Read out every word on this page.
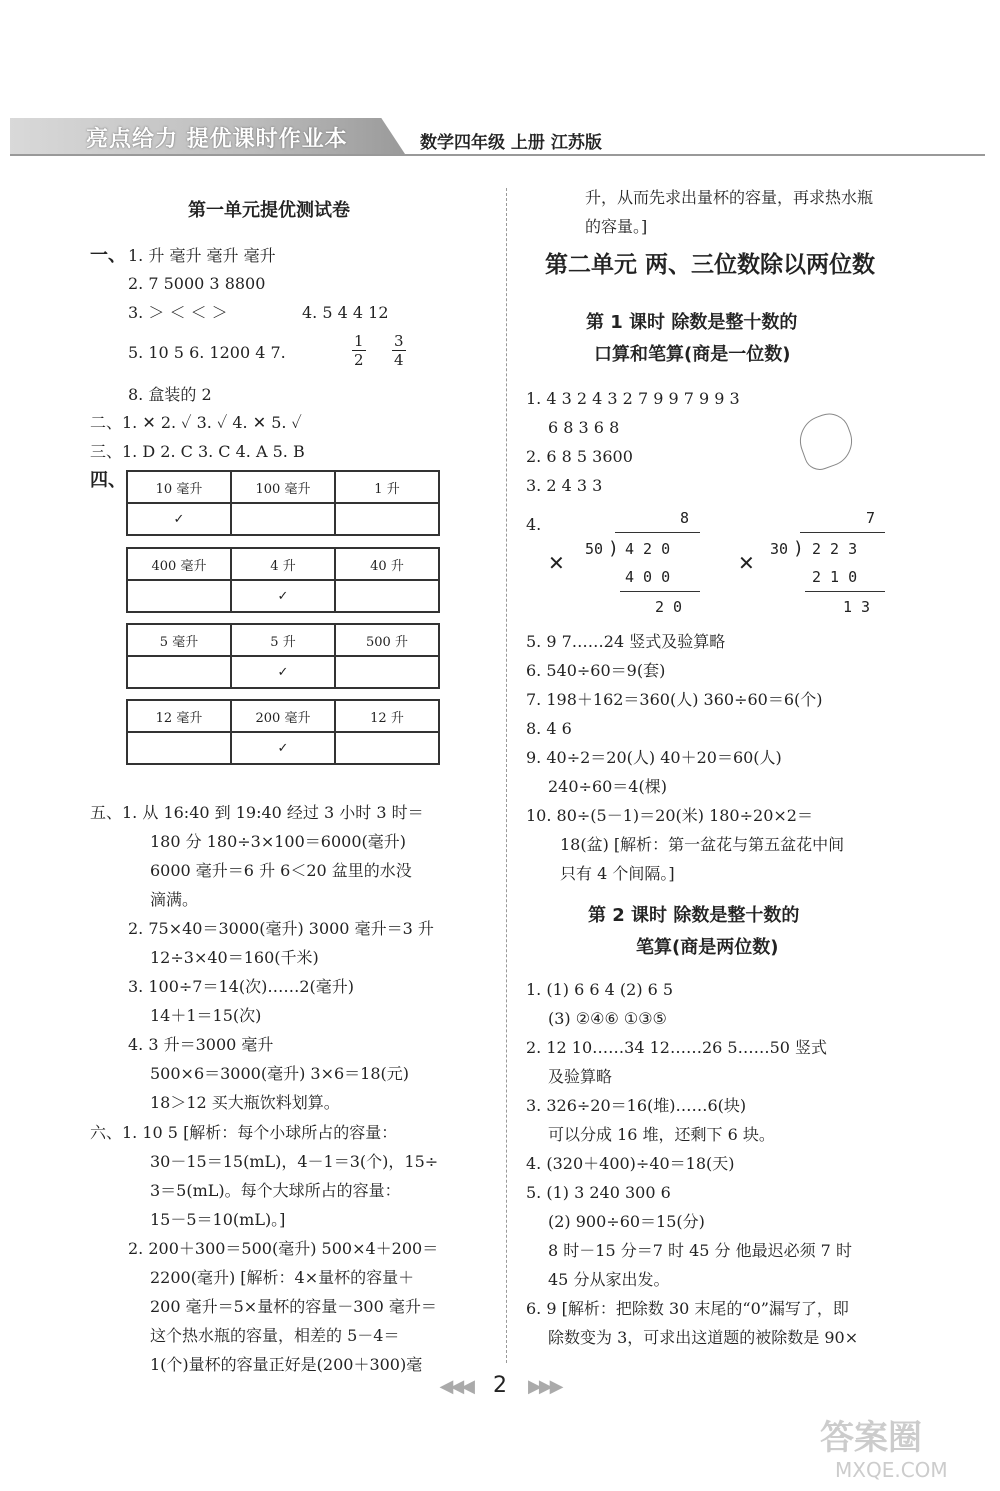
亮点给力 提优课时作业本	数学四年级 上册 江苏版
第一单元提优测试卷
一、 1. 升 毫升 毫升 毫升
2. 7 5000 3 8800
3. ＞ ＜ ＜ ＞	4. 5 4 4 12
5. 10 5 6. 1200 4 7.	$\frac{1}{2} \frac{3}{4}$
8. 盒装的 2
二、1. ✕ 2. ✓ 3. ✓ 4. ✕ 5. ✓
三、1. D 2. C 3. C 4. A 5. B
四、 10 毫升	100 毫升	1 升
✓		
400 毫升	4 升	40 升
	✓	
5 毫升	5 升	500 升
	✓	
12 毫升	200 毫升	12 升
	✓	
五、1. 从 16:40 到 19:40 经过 3 小时 3 时＝
180 分 180÷3×100＝6000(毫升)
6000 毫升＝6 升 6＜20 盆里的水没
滴满。
2. 75×40＝3000(毫升) 3000 毫升＝3 升
12÷3×40＝160(千米)
3. 100÷7＝14(次)……2(毫升)
14＋1＝15(次)
4. 3 升＝3000 毫升
500×6＝3000(毫升) 3×6＝18(元)
18＞12 买大瓶饮料划算。
六、1. 10 5 [解析：每个小球所占的容量：
30－15＝15(mL)，4－1＝3(个)，15÷
3＝5(mL)。每个大球所占的容量：
15－5＝10(mL)。]
2. 200＋300＝500(毫升) 500×4＋200＝
2200(毫升) [解析：4×量杯的容量＋
200 毫升＝5×量杯的容量－300 毫升＝
这个热水瓶的容量，相差的 5－4＝
1(个)量杯的容量正好是(200＋300)毫
升，从而先求出量杯的容量，再求热水瓶
的容量。]
第二单元 两、三位数除以两位数
第 1 课时 除数是整十数的
口算和笔算(商是一位数)
1. 4 3 2 4 3 2 7 9 9 7 9 9 3
6 8 3 6 8
2. 6 8 5 3600
3. 2 4 3 3
4.
✕
8
50 ) 4 2 0
4 0 0
2 0
✕
7
30 ) 2 2 3
2 1 0
1 3
5. 9 7……24 竖式及验算略
6. 540÷60＝9(套)
7. 198＋162＝360(人) 360÷60＝6(个)
8. 4 6
9. 40÷2＝20(人) 40＋20＝60(人)
240÷60＝4(棵)
10. 80÷(5－1)＝20(米) 180÷20×2＝
18(盆) [解析：第一盆花与第五盆花中间
只有 4 个间隔。]
第 2 课时 除数是整十数的
笔算(商是两位数)
1. (1) 6 6 4 (2) 6 5
(3) ②④⑥ ①③⑤
2. 12 10……34 12……26 5……50 竖式
及验算略
3. 326÷20＝16(堆)……6(块)
可以分成 16 堆，还剩下 6 块。
4. (320＋400)÷40＝18(天)
5. (1) 3 240 300 6
(2) 900÷60＝15(分)
8 时－15 分＝7 时 45 分 他最迟必须 7 时
45 分从家出发。
6. 9 [解析：把除数 30 末尾的“0”漏写了，即
除数变为 3，可求出这道题的被除数是 90×
◀◀◀ 2 ▶▶▶
答案圈
MXQE.COM
